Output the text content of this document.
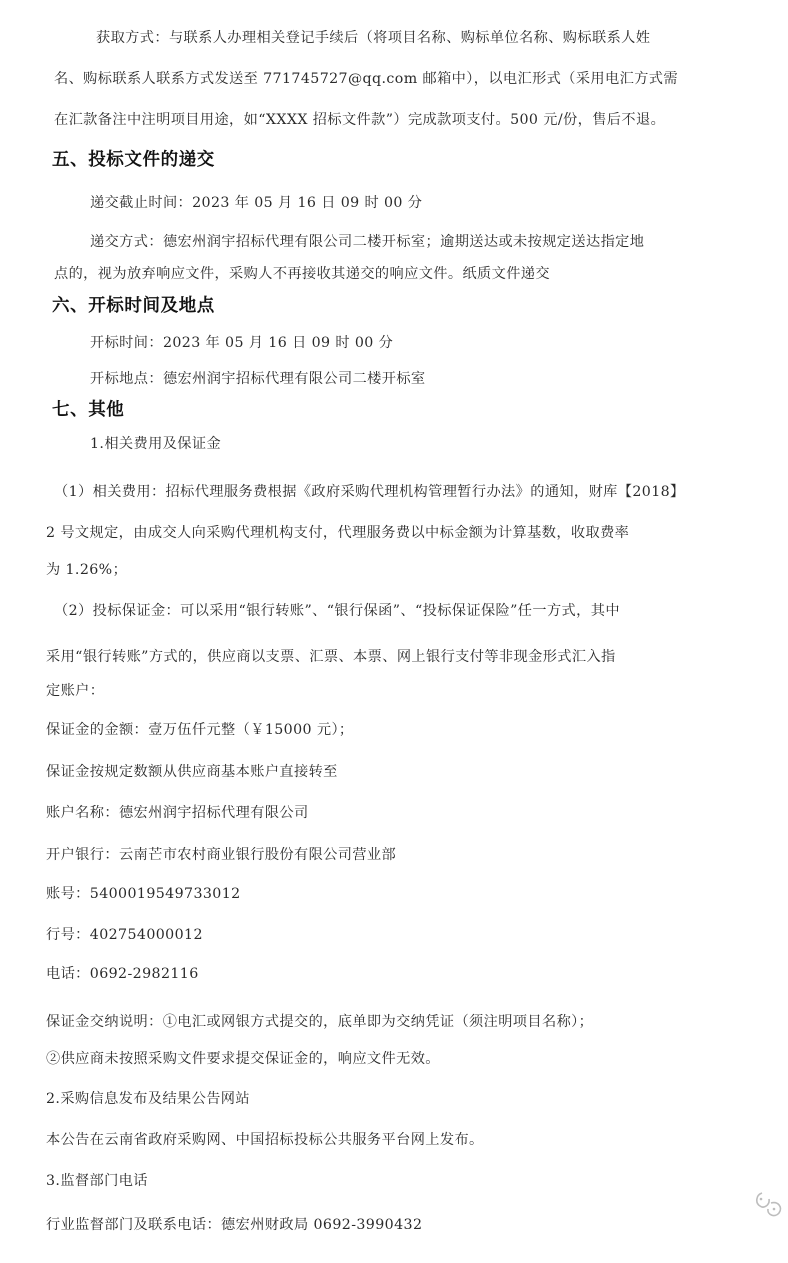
获取方式：与联系人办理相关登记手续后（将项目名称、购标单位名称、购标联系人姓
名、购标联系人联系方式发送至 771745727@qq.com 邮箱中），以电汇形式（采用电汇方式需
在汇款备注中注明项目用途，如“XXXX 招标文件款”）完成款项支付。500 元/份，售后不退。
五、投标文件的递交
递交截止时间：2023 年 05 月 16 日 09 时 00 分
递交方式：德宏州润宇招标代理有限公司二楼开标室；逾期送达或未按规定送达指定地
点的，视为放弃响应文件，采购人不再接收其递交的响应文件。纸质文件递交
六、开标时间及地点
开标时间：2023 年 05 月 16 日 09 时 00 分
开标地点：德宏州润宇招标代理有限公司二楼开标室
七、其他
1.相关费用及保证金
（1）相关费用：招标代理服务费根据《政府采购代理机构管理暂行办法》的通知，财库【2018】
2 号文规定，由成交人向采购代理机构支付，代理服务费以中标金额为计算基数，收取费率
为 1.26%；
（2）投标保证金：可以采用“银行转账”、“银行保函”、“投标保证保险”任一方式，其中
采用“银行转账”方式的，供应商以支票、汇票、本票、网上银行支付等非现金形式汇入指
定账户：
保证金的金额：壹万伍仟元整（￥15000 元）；
保证金按规定数额从供应商基本账户直接转至
账户名称：德宏州润宇招标代理有限公司
开户银行：云南芒市农村商业银行股份有限公司营业部
账号：5400019549733012
行号：402754000012
电话：0692-2982116
保证金交纳说明：①电汇或网银方式提交的，底单即为交纳凭证（须注明项目名称）；
②供应商未按照采购文件要求提交保证金的，响应文件无效。
2.采购信息发布及结果公告网站
本公告在云南省政府采购网、中国招标投标公共服务平台网上发布。
3.监督部门电话
行业监督部门及联系电话：德宏州财政局 0692-3990432
